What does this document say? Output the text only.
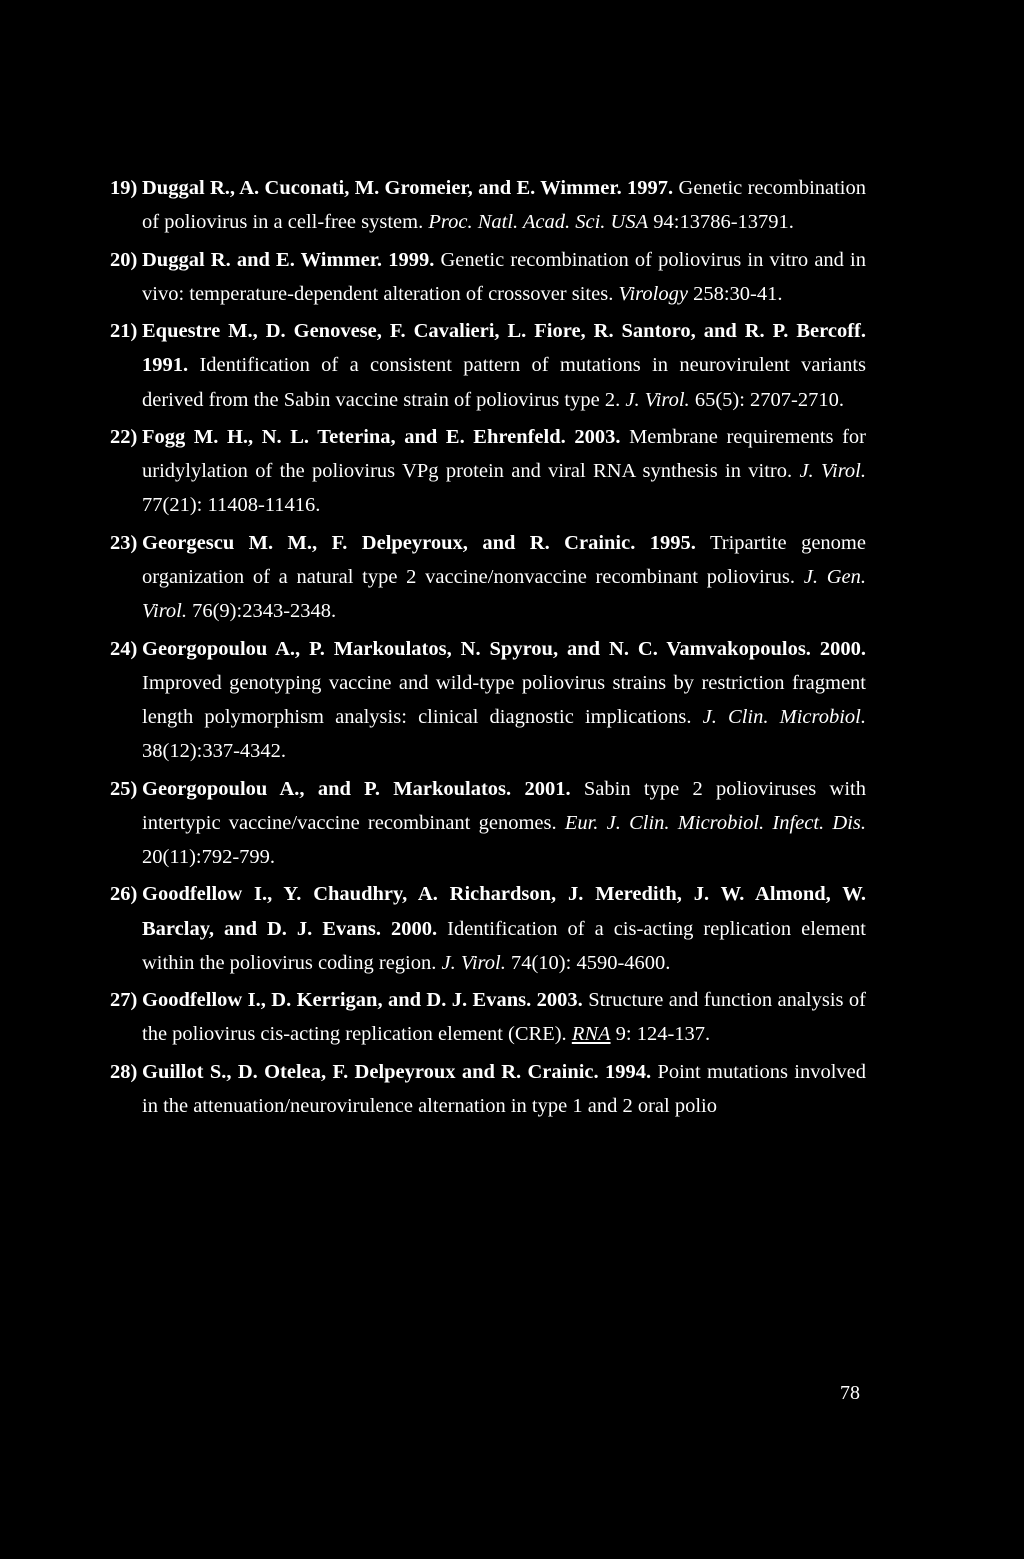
19) Duggal R., A. Cuconati, M. Gromeier, and E. Wimmer. 1997. Genetic recombination of poliovirus in a cell-free system. Proc. Natl. Acad. Sci. USA 94:13786-13791.
20) Duggal R. and E. Wimmer. 1999. Genetic recombination of poliovirus in vitro and in vivo: temperature-dependent alteration of crossover sites. Virology 258:30-41.
21) Equestre M., D. Genovese, F. Cavalieri, L. Fiore, R. Santoro, and R. P. Bercoff. 1991. Identification of a consistent pattern of mutations in neurovirulent variants derived from the Sabin vaccine strain of poliovirus type 2. J. Virol. 65(5): 2707-2710.
22) Fogg M. H., N. L. Teterina, and E. Ehrenfeld. 2003. Membrane requirements for uridylylation of the poliovirus VPg protein and viral RNA synthesis in vitro. J. Virol. 77(21): 11408-11416.
23) Georgescu M. M., F. Delpeyroux, and R. Crainic. 1995. Tripartite genome organization of a natural type 2 vaccine/nonvaccine recombinant poliovirus. J. Gen. Virol. 76(9):2343-2348.
24) Georgopoulou A., P. Markoulatos, N. Spyrou, and N. C. Vamvakopoulos. 2000. Improved genotyping vaccine and wild-type poliovirus strains by restriction fragment length polymorphism analysis: clinical diagnostic implications. J. Clin. Microbiol. 38(12):337-4342.
25) Georgopoulou A., and P. Markoulatos. 2001. Sabin type 2 polioviruses with intertypic vaccine/vaccine recombinant genomes. Eur. J. Clin. Microbiol. Infect. Dis. 20(11):792-799.
26) Goodfellow I., Y. Chaudhry, A. Richardson, J. Meredith, J. W. Almond, W. Barclay, and D. J. Evans. 2000. Identification of a cis-acting replication element within the poliovirus coding region. J. Virol. 74(10): 4590-4600.
27) Goodfellow I., D. Kerrigan, and D. J. Evans. 2003. Structure and function analysis of the poliovirus cis-acting replication element (CRE). RNA 9: 124-137.
28) Guillot S., D. Otelea, F. Delpeyroux and R. Crainic. 1994. Point mutations involved in the attenuation/neurovirulence alternation in type 1 and 2 oral polio
78
